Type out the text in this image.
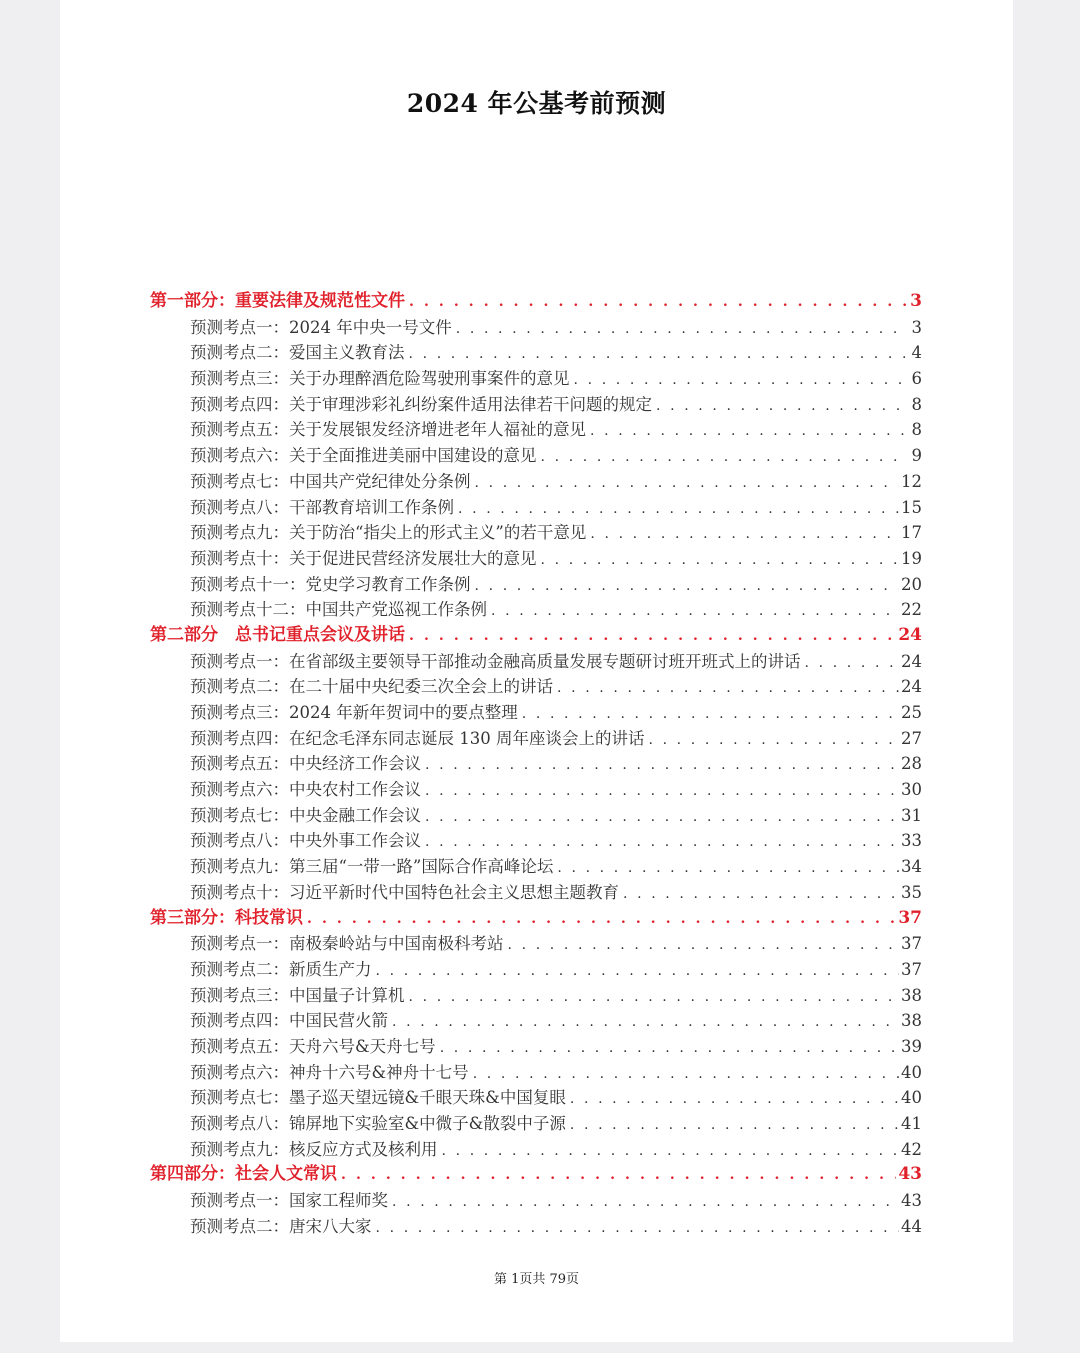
2024 年公基考前预测
第一部分：重要法律及规范性文件 . . .	3
预测考点一：2024 年中央一号文件 . . .	3
预测考点二：爱国主义教育法 . . .	4
预测考点三：关于办理醉酒危险驾驶刑事案件的意见 . . .	6
预测考点四：关于审理涉彩礼纠纷案件适用法律若干问题的规定 . . .	8
预测考点五：关于发展银发经济增进老年人福祉的意见 . . .	8
预测考点六：关于全面推进美丽中国建设的意见 . . .	9
预测考点七：中国共产党纪律处分条例 . . .	12
预测考点八：干部教育培训工作条例 . . .	15
预测考点九：关于防治“指尖上的形式主义”的若干意见 . . .	17
预测考点十：关于促进民营经济发展壮大的意见 . . .	19
预测考点十一：党史学习教育工作条例 . . .	20
预测考点十二：中国共产党巡视工作条例 . . .	22
第二部分　总书记重点会议及讲话 . . .	24
预测考点一：在省部级主要领导干部推动金融高质量发展专题研讨班开班式上的讲话 . . .	24
预测考点二：在二十届中央纪委三次全会上的讲话 . . .	24
预测考点三：2024 年新年贺词中的要点整理 . . .	25
预测考点四：在纪念毛泽东同志诞辰 130 周年座谈会上的讲话 . . .	27
预测考点五：中央经济工作会议 . . .	28
预测考点六：中央农村工作会议 . . .	30
预测考点七：中央金融工作会议 . . .	31
预测考点八：中央外事工作会议 . . .	33
预测考点九：第三届“一带一路”国际合作高峰论坛 . . .	34
预测考点十：习近平新时代中国特色社会主义思想主题教育 . . .	35
第三部分：科技常识 . . .	37
预测考点一：南极秦岭站与中国南极科考站 . . .	37
预测考点二：新质生产力 . . .	37
预测考点三：中国量子计算机 . . .	38
预测考点四：中国民营火箭 . . .	38
预测考点五：天舟六号&天舟七号 . . .	39
预测考点六：神舟十六号&神舟十七号 . . .	40
预测考点七：墨子巡天望远镜&千眼天珠&中国复眼 . . .	40
预测考点八：锦屏地下实验室&中微子&散裂中子源 . . .	41
预测考点九：核反应方式及核利用 . . .	42
第四部分：社会人文常识 . . .	43
预测考点一：国家工程师奖 . . .	43
预测考点二：唐宋八大家 . . .	44
第 1页共 79页
